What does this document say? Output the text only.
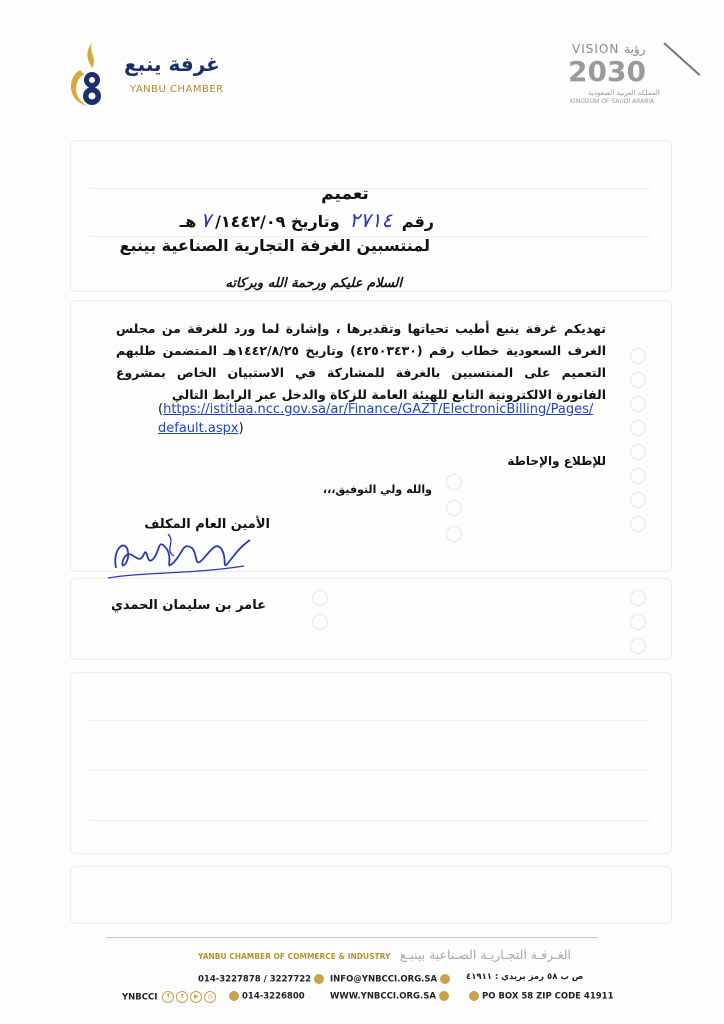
غرفة ينبع
YANBU CHAMBER
VISION رؤية
2030
المملكة العربية السعودية
KINGDOM OF SAUDI ARABIA
تعميم
رقم ٢٧١٤ وتاريخ ٧/١٤٤٢/٠٩هـ
لمنتسبين الغرفة التجارية الصناعية بينبع
السلام عليكم ورحمة الله وبركاته
تهديكم غرفة ينبع أطيب تحياتها وتقديرها ، وإشارة لما ورد للغرفة من مجلس الغرف السعودية خطاب رقم (٤٢٥٠٣٤٣٠) وتاريخ ١٤٤٢/٨/٢٥هـ المتضمن طلبهم التعميم على المنتسبين بالغرفة للمشاركة في الاستبيان الخاص بمشروع الفاتورة الالكترونية التابع للهيئة العامة للزكاة والدخل عبر الرابط التالي
(https://istitlaa.ncc.gov.sa/ar/Finance/GAZT/ElectronicBilling/Pages/default.aspx)
للإطلاع والإحاطة
والله ولي التوفيق،،،
الأمين العام المكلف
عامر بن سليمان الحمدي
YANBU CHAMBER OF COMMERCE & INDUSTRY الغـرفـة التجـاريـة الصـناعية بينبـع
014-3227878 / 3227722	INFO@YNBCCI.ORG.SA	ص ب ٥٨ رمز بريدي : ٤١٩١١
YNBCCI f t ▶ ◎	014-3226800	WWW.YNBCCI.ORG.SA	PO BOX 58 ZIP CODE 41911
